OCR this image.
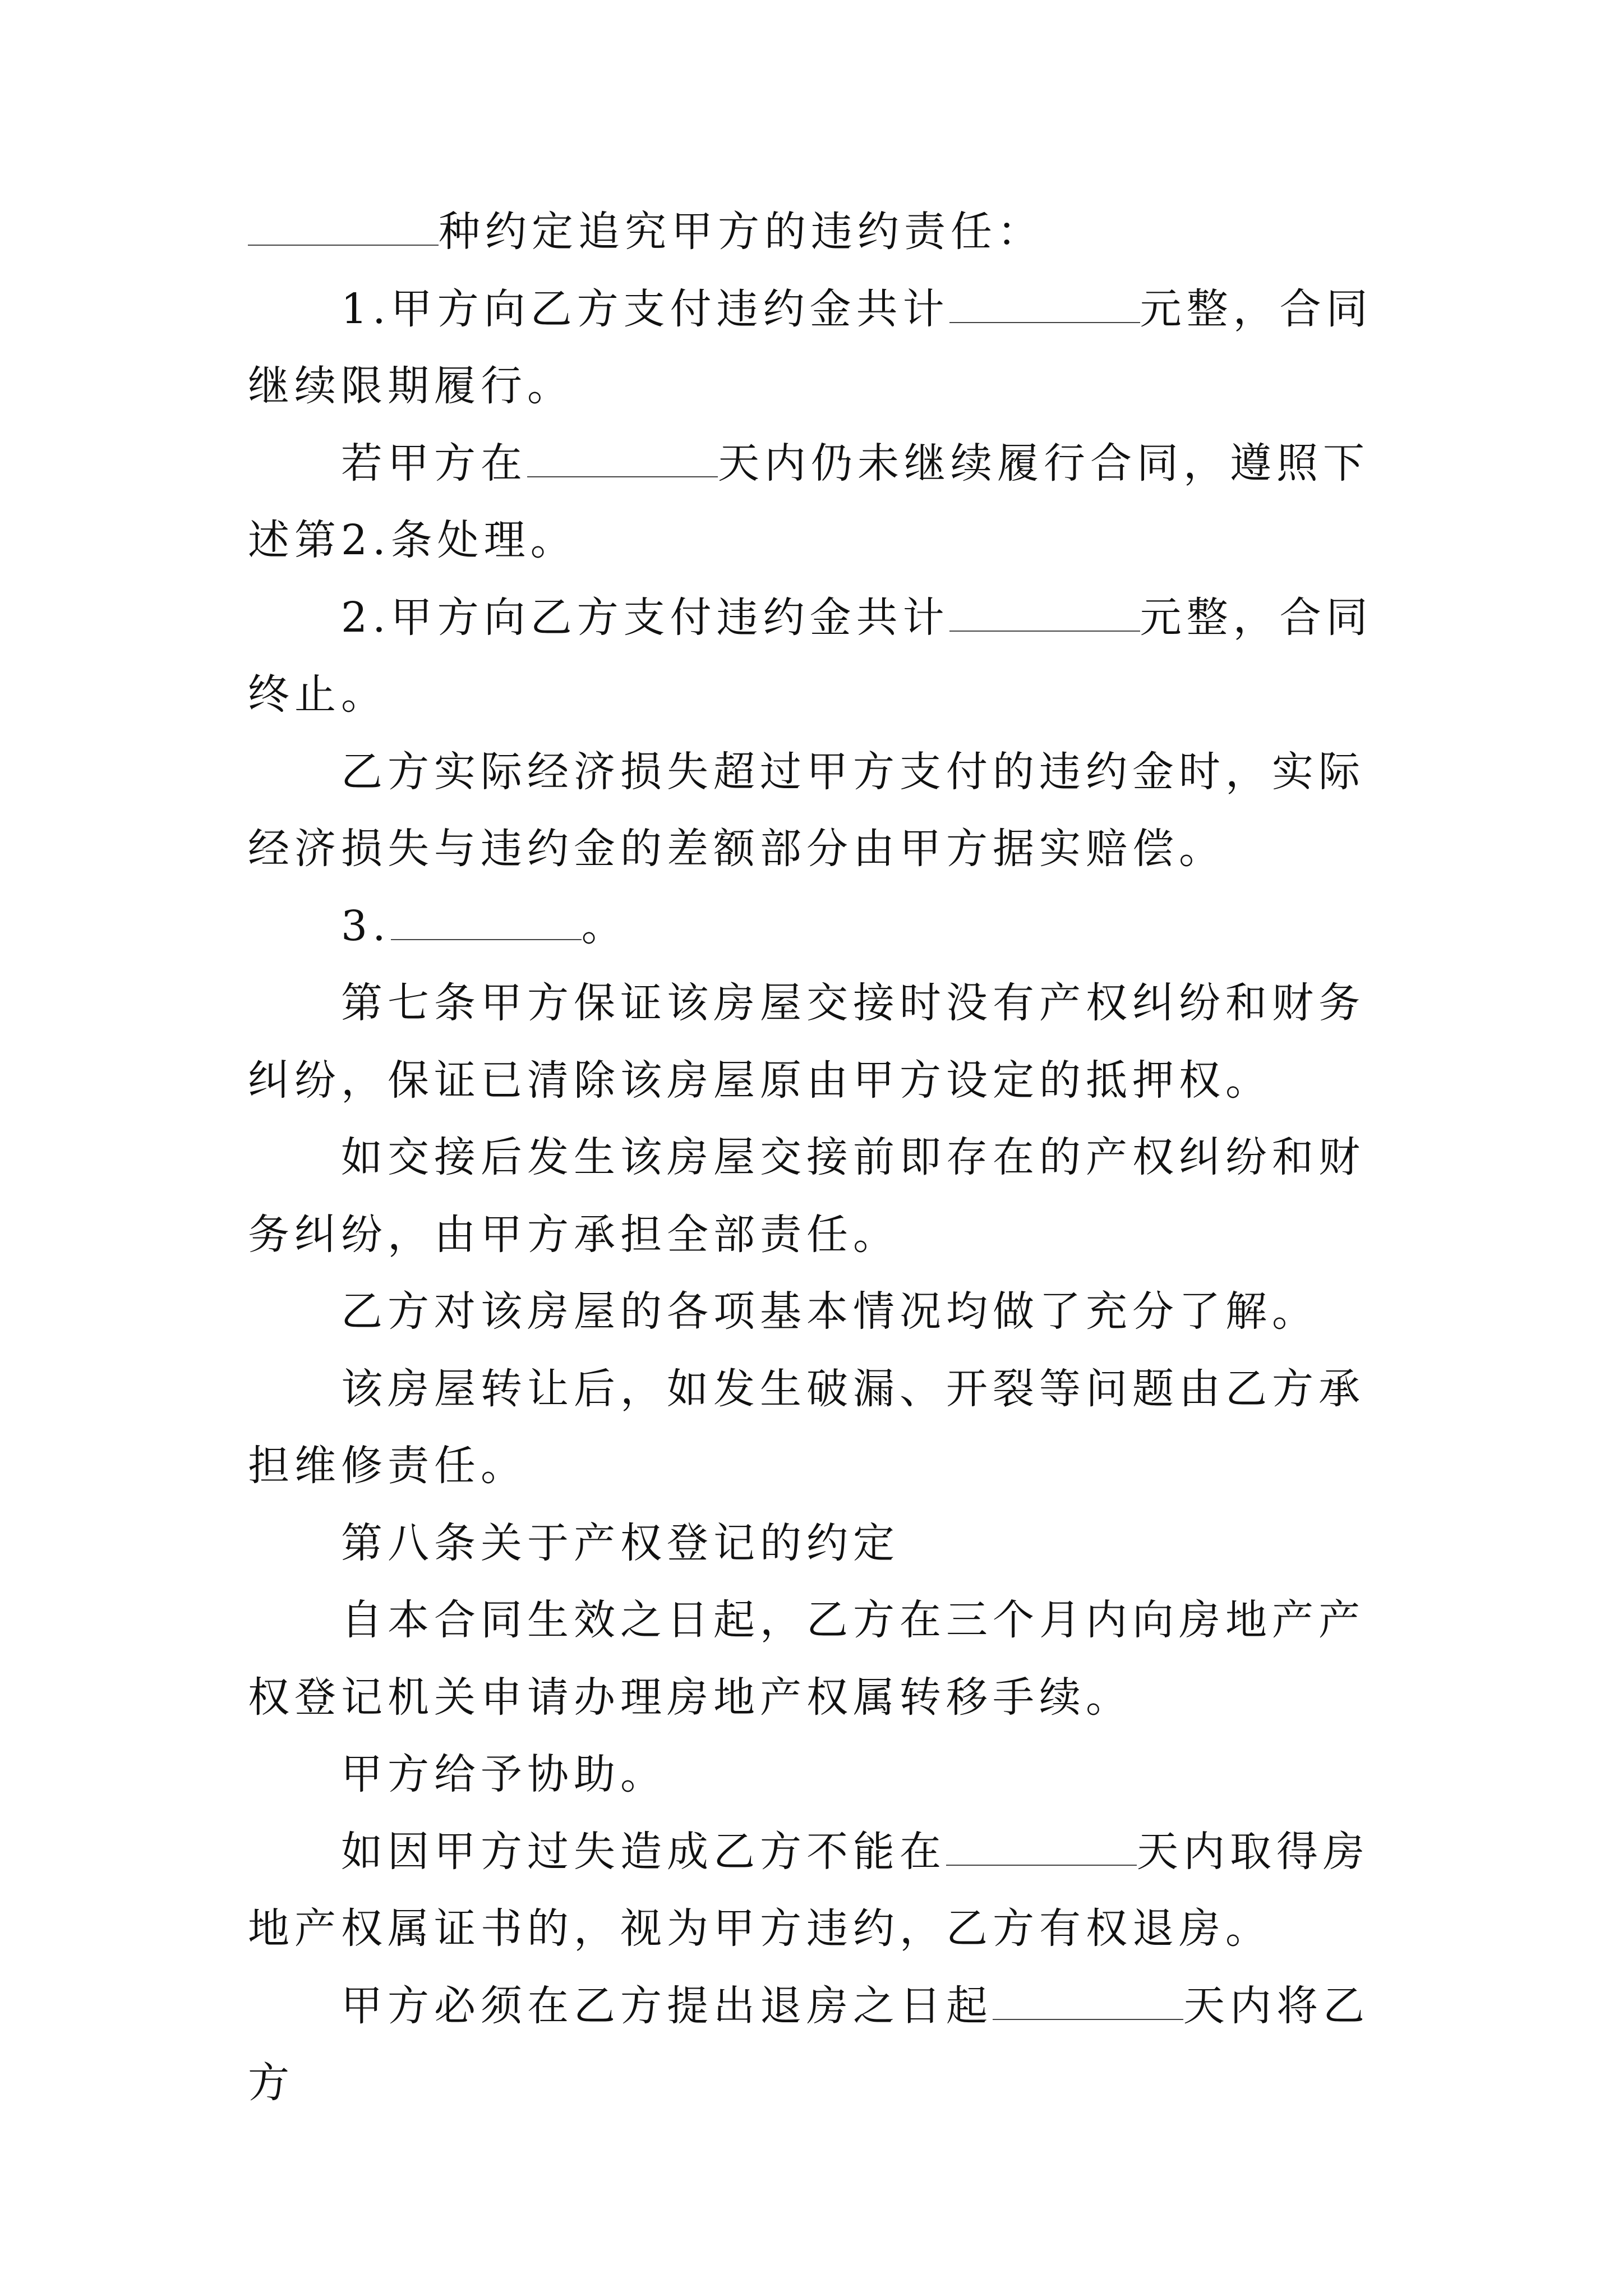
种约定追究甲方的违约责任：

1.甲方向乙方支付违约金共计	元整，合同继续限期履行。

若甲方在	天内仍未继续履行合同，遵照下述第2.条处理。

2.甲方向乙方支付违约金共计	元整，合同终止。

乙方实际经济损失超过甲方支付的违约金时，实际经济损失与违约金的差额部分由甲方据实赔偿。

3.	。

第七条甲方保证该房屋交接时没有产权纠纷和财务纠纷，保证已清除该房屋原由甲方设定的抵押权。

如交接后发生该房屋交接前即存在的产权纠纷和财务纠纷，由甲方承担全部责任。

乙方对该房屋的各项基本情况均做了充分了解。

该房屋转让后，如发生破漏、开裂等问题由乙方承担维修责任。

第八条关于产权登记的约定

自本合同生效之日起，乙方在三个月内向房地产产权登记机关申请办理房地产权属转移手续。

甲方给予协助。

如因甲方过失造成乙方不能在	天内取得房地产权属证书的，视为甲方违约，乙方有权退房。

甲方必须在乙方提出退房之日起	天内将乙方
